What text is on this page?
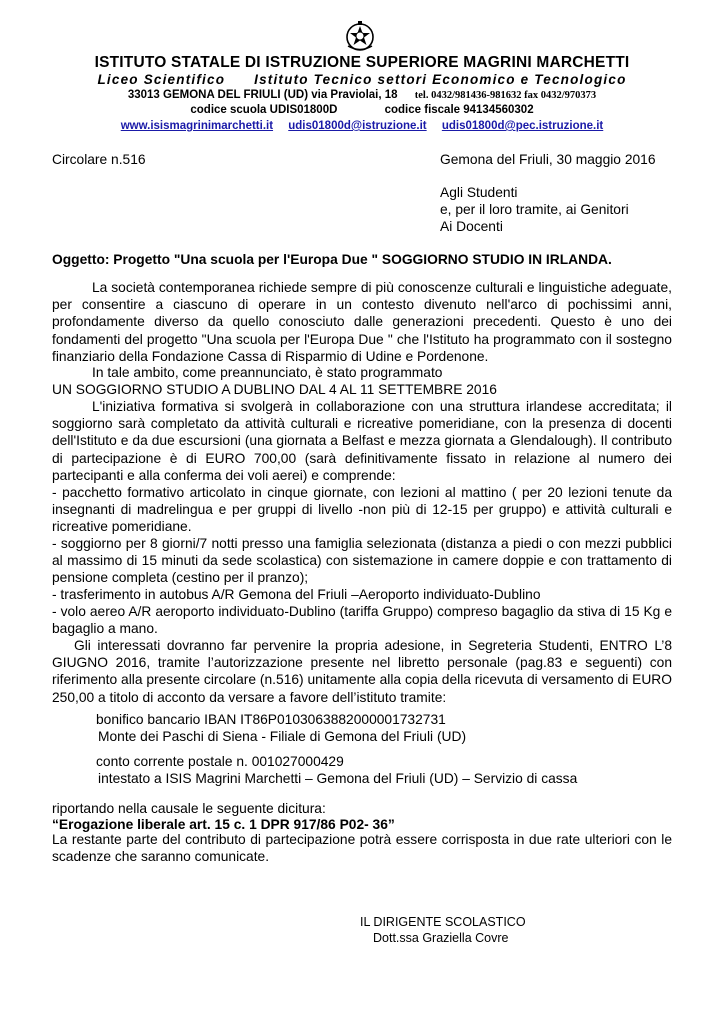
ISTITUTO STATALE DI ISTRUZIONE SUPERIORE MAGRINI MARCHETTI
Liceo Scientifico Istituto Tecnico settori Economico e Tecnologico
33013 GEMONA DEL FRIULI (UD) via Praviolai, 18 tel. 0432/981436-981632 fax 0432/970373
codice scuola UDIS01800D	codice fiscale 94134560302
www.isismagrinimarchetti.it udis01800d@istruzione.it udis01800d@pec.istruzione.it
Circolare n.516	Gemona del Friuli, 30 maggio 2016
Agli Studenti
e, per il loro tramite, ai Genitori
Ai Docenti
Oggetto: Progetto "Una scuola per l'Europa Due " SOGGIORNO STUDIO IN IRLANDA.
La società contemporanea richiede sempre di più conoscenze culturali e linguistiche adeguate, per consentire a ciascuno di operare in un contesto divenuto nell'arco di pochissimi anni, profondamente diverso da quello conosciuto dalle generazioni precedenti. Questo è uno dei fondamenti del progetto "Una scuola per l'Europa Due " che l'Istituto ha programmato con il sostegno finanziario della Fondazione Cassa di Risparmio di Udine e Pordenone.
In tale ambito, come preannunciato, è stato programmato
UN SOGGIORNO STUDIO A DUBLINO DAL 4 AL 11 SETTEMBRE 2016
L'iniziativa formativa si svolgerà in collaborazione con una struttura irlandese accreditata; il soggiorno sarà completato da attività culturali e ricreative pomeridiane, con la presenza di docenti dell'Istituto e da due escursioni (una giornata a Belfast e mezza giornata a Glendalough). Il contributo di partecipazione è di EURO 700,00 (sarà definitivamente fissato in relazione al numero dei partecipanti e alla conferma dei voli aerei) e comprende:
- pacchetto formativo articolato in cinque giornate, con lezioni al mattino ( per 20 lezioni tenute da insegnanti di madrelingua e per gruppi di livello -non più di 12-15 per gruppo) e attività culturali e ricreative pomeridiane.
- soggiorno per 8 giorni/7 notti presso una famiglia selezionata (distanza a piedi o con mezzi pubblici al massimo di 15 minuti da sede scolastica) con sistemazione in camere doppie e con trattamento di pensione completa (cestino per il pranzo);
- trasferimento in autobus A/R Gemona del Friuli –Aeroporto individuato-Dublino
- volo aereo A/R aeroporto individuato-Dublino (tariffa Gruppo) compreso bagaglio da stiva di 15 Kg e bagaglio a mano.
Gli interessati dovranno far pervenire la propria adesione, in Segreteria Studenti, ENTRO L’8 GIUGNO 2016, tramite l’autorizzazione presente nel libretto personale (pag.83 e seguenti) con riferimento alla presente circolare (n.516) unitamente alla copia della ricevuta di versamento di EURO 250,00 a titolo di acconto da versare a favore dell’istituto tramite:
bonifico bancario IBAN IT86P0103063882000001732731
Monte dei Paschi di Siena - Filiale di Gemona del Friuli (UD)
conto corrente postale n. 001027000429
intestato a ISIS Magrini Marchetti – Gemona del Friuli (UD) – Servizio di cassa
riportando nella causale le seguente dicitura:
“Erogazione liberale art. 15 c. 1 DPR 917/86 P02- 36”
La restante parte del contributo di partecipazione potrà essere corrisposta in due rate ulteriori con le scadenze che saranno comunicate.
IL DIRIGENTE SCOLASTICO
Dott.ssa Graziella Covre
